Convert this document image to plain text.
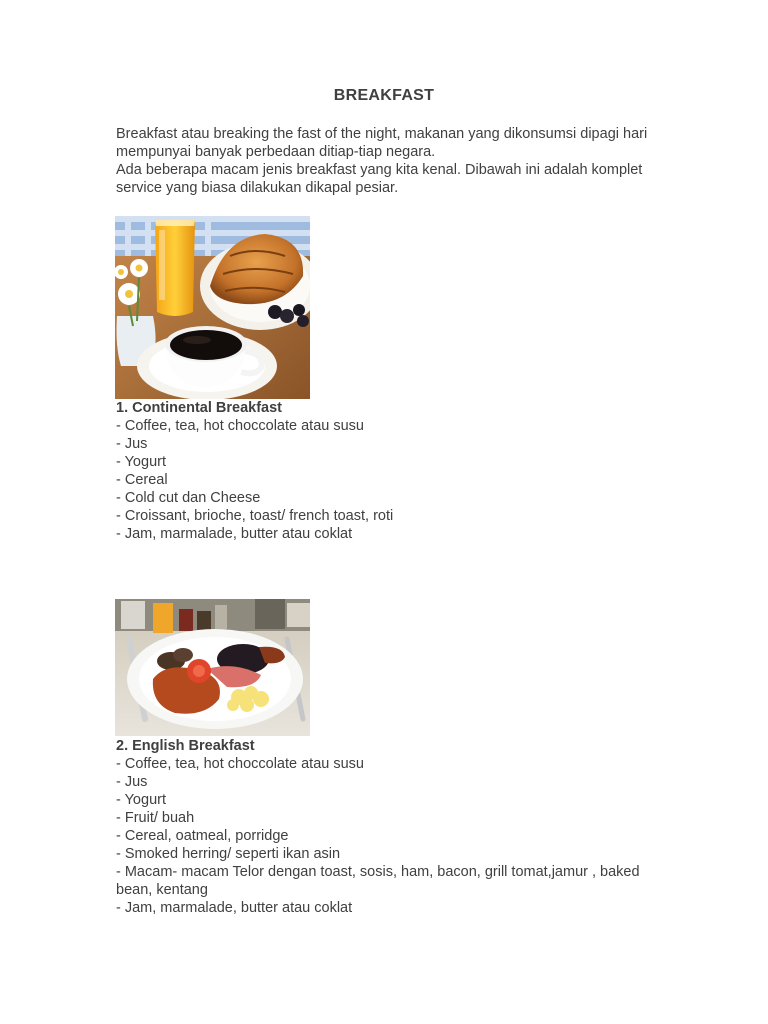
BREAKFAST

Breakfast atau breaking the fast of the night, makanan yang dikonsumsi dipagi hari mempunyai banyak perbedaan ditiap-tiap negara.

Ada beberapa macam jenis breakfast yang kita kenal. Dibawah ini adalah komplet service yang biasa dilakukan dikapal pesiar.

1. Continental Breakfast
- Coffee, tea, hot choccolate atau susu
- Jus
- Yogurt
- Cereal
- Cold cut dan Cheese
- Croissant, brioche, toast/ french toast, roti
- Jam, marmalade, butter atau coklat
2. English Breakfast
- Coffee, tea, hot choccolate atau susu
- Jus
- Yogurt
- Fruit/ buah
- Cereal, oatmeal, porridge
- Smoked herring/ seperti ikan asin
- Macam- macam Telor dengan toast, sosis, ham, bacon, grill tomat,jamur , baked bean, kentang
- Jam, marmalade, butter atau coklat
